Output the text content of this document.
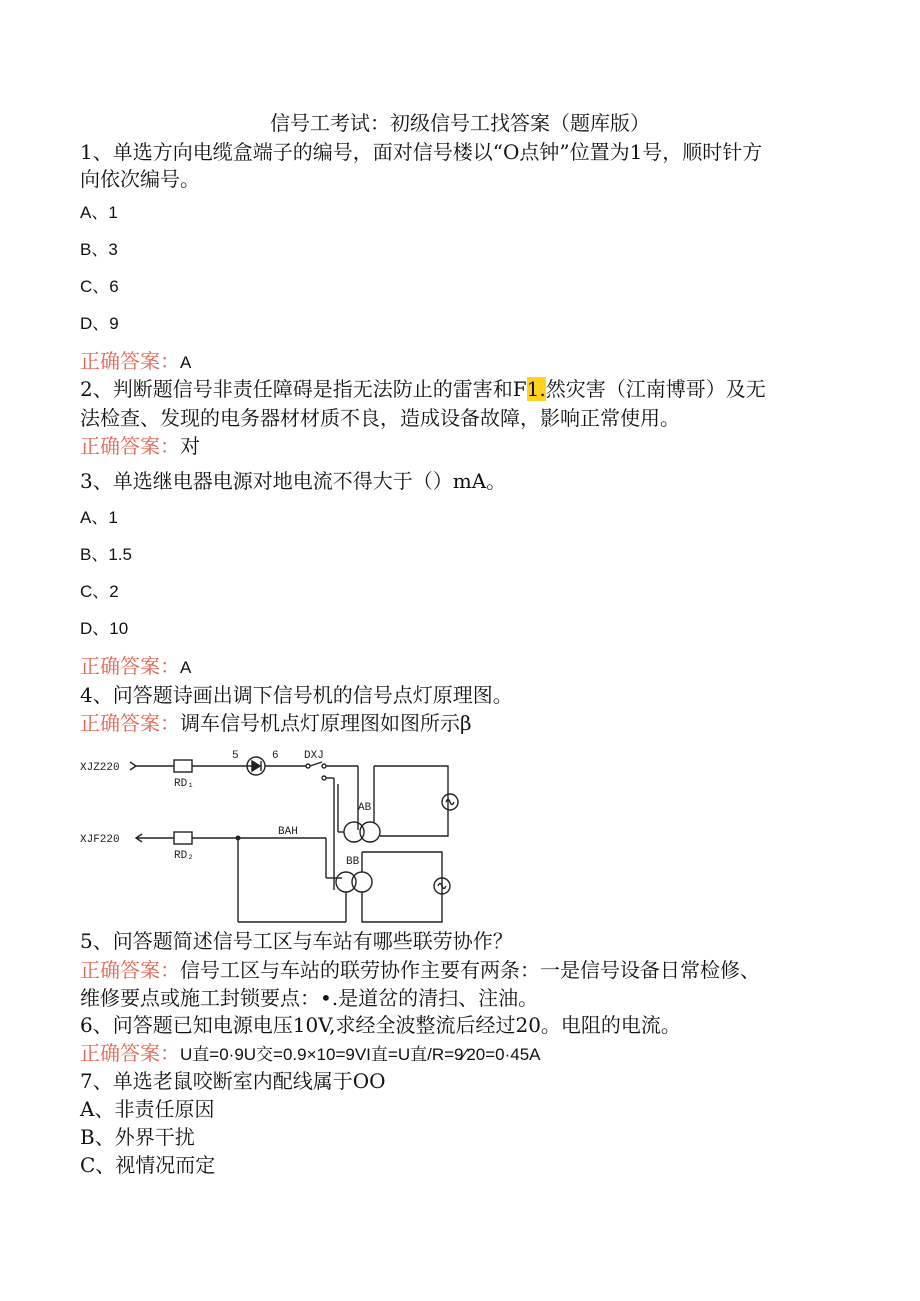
信号工考试：初级信号工找答案（题库版）
1、单选方向电缆盒端子的编号，面对信号楼以“O点钟”位置为1号，顺时针方
向依次编号。
A、1
B、3
C、6
D、9
正确答案：A
2、判断题信号非责任障碍是指无法防止的雷害和F1.然灾害（江南博哥）及无
法检查、发现的电务器材材质不良，造成设备故障，影响正常使用。
正确答案：对
3、单选继电器电源对地电流不得大于（）mA。
A、1
B、1.5
C、2
D、10
正确答案：A
4、问答题诗画出调下信号机的信号点灯原理图。
正确答案：调车信号机点灯原理图如图所示β
XJZ220
XJF220
RD₁
RD₂
5	6 DXJ
AB
BB
BAH
5、问答题简述信号工区与车站有哪些联劳协作？
正确答案：信号工区与车站的联劳协作主要有两条：一是信号设备日常检修、
维修要点或施工封锁要点：•.是道岔的清扫、注油。
6、问答题已知电源电压10V,求经全波整流后经过20。电阻的电流。
正确答案：U直=0·9U交=0.9×10=9VI直=U直/R=9⁄20=0·45A
7、单选老鼠咬断室内配线属于OO
A、非责任原因
B、外界干扰
C、视情况而定
